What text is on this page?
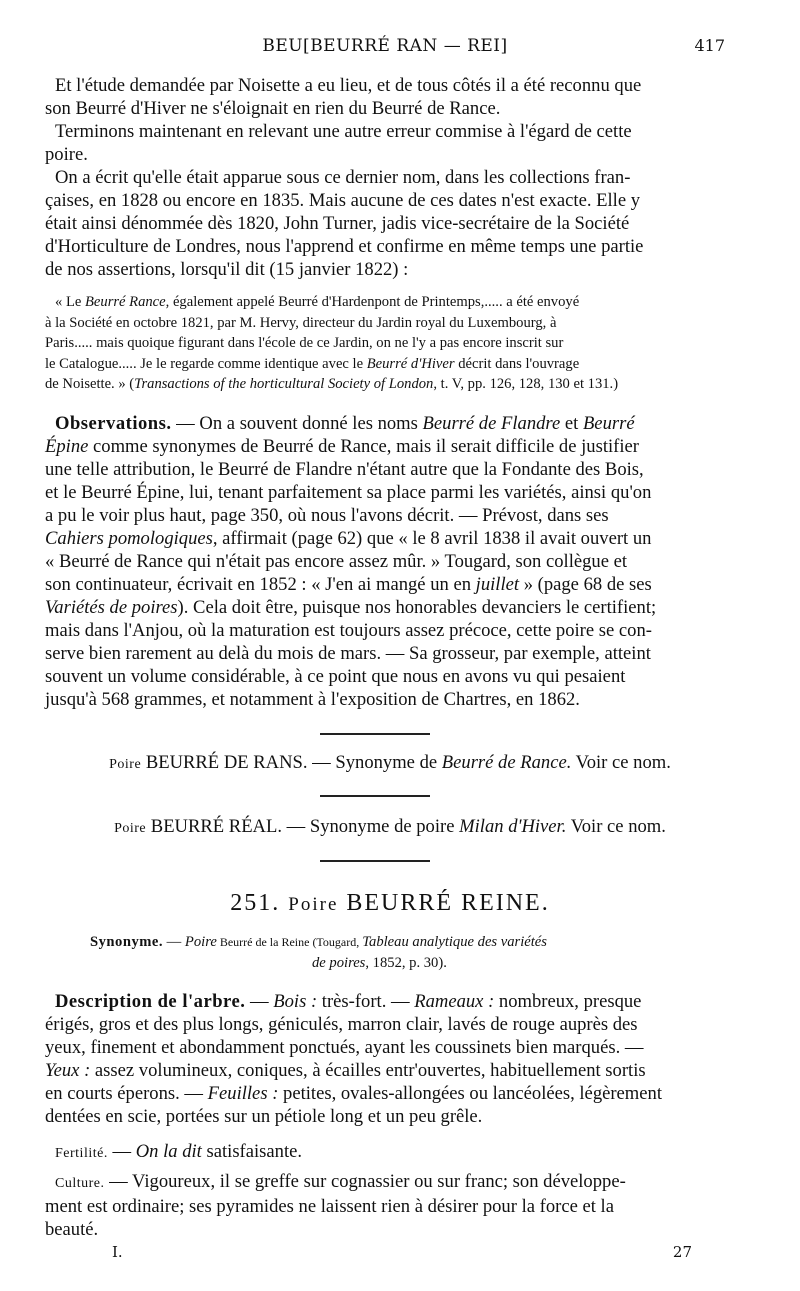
BEU[BEURRÉ RAN — REI]	417

Et l'étude demandée par Noisette a eu lieu, et de tous côtés il a été reconnu que

son Beurré d'Hiver ne s'éloignait en rien du Beurré de Rance.

Terminons maintenant en relevant une autre erreur commise à l'égard de cette

poire.

On a écrit qu'elle était apparue sous ce dernier nom, dans les collections fran-

çaises, en 1828 ou encore en 1835. Mais aucune de ces dates n'est exacte. Elle y

était ainsi dénommée dès 1820, John Turner, jadis vice-secrétaire de la Société

d'Horticulture de Londres, nous l'apprend et confirme en même temps une partie

de nos assertions, lorsqu'il dit (15 janvier 1822) :

« Le Beurré Rance, également appelé Beurré d'Hardenpont de Printemps,..... a été envoyé

à la Société en octobre 1821, par M. Hervy, directeur du Jardin royal du Luxembourg, à

Paris..... mais quoique figurant dans l'école de ce Jardin, on ne l'y a pas encore inscrit sur

le Catalogue..... Je le regarde comme identique avec le Beurré d'Hiver décrit dans l'ouvrage

de Noisette. » (Transactions of the horticultural Society of London, t. V, pp. 126, 128, 130 et 131.)

Observations. — On a souvent donné les noms Beurré de Flandre et Beurré

Épine comme synonymes de Beurré de Rance, mais il serait difficile de justifier

une telle attribution, le Beurré de Flandre n'étant autre que la Fondante des Bois,

et le Beurré Épine, lui, tenant parfaitement sa place parmi les variétés, ainsi qu'on

a pu le voir plus haut, page 350, où nous l'avons décrit. — Prévost, dans ses

Cahiers pomologiques, affirmait (page 62) que « le 8 avril 1838 il avait ouvert un

« Beurré de Rance qui n'était pas encore assez mûr. » Tougard, son collègue et

son continuateur, écrivait en 1852 : « J'en ai mangé un en juillet » (page 68 de ses

Variétés de poires). Cela doit être, puisque nos honorables devanciers le certifient;

mais dans l'Anjou, où la maturation est toujours assez précoce, cette poire se con-

serve bien rarement au delà du mois de mars. — Sa grosseur, par exemple, atteint

souvent un volume considérable, à ce point que nous en avons vu qui pesaient

jusqu'à 568 grammes, et notamment à l'exposition de Chartres, en 1862.

Poire BEURRÉ DE RANS. — Synonyme de Beurré de Rance. Voir ce nom.
Poire BEURRÉ RÉAL. — Synonyme de poire Milan d'Hiver. Voir ce nom.
251. Poire BEURRÉ REINE.

Synonyme. — Poire Beurré de la Reine (Tougard, Tableau analytique des variétés

de poires, 1852, p. 30).

Description de l'arbre. — Bois : très-fort. — Rameaux : nombreux, presque

érigés, gros et des plus longs, géniculés, marron clair, lavés de rouge auprès des

yeux, finement et abondamment ponctués, ayant les coussinets bien marqués. —

Yeux : assez volumineux, coniques, à écailles entr'ouvertes, habituellement sortis

en courts éperons. — Feuilles : petites, ovales-allongées ou lancéolées, légèrement

dentées en scie, portées sur un pétiole long et un peu grêle.

Fertilité. — On la dit satisfaisante.

Culture. — Vigoureux, il se greffe sur cognassier ou sur franc; son développe-

ment est ordinaire; ses pyramides ne laissent rien à désirer pour la force et la

beauté.

I.	27
